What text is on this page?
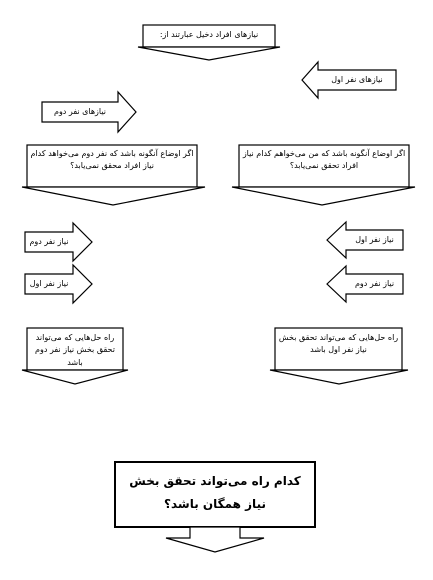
نیازهای افراد دخیل عبارتند از:
نیازهای نفر اول
نیازهای نفر دوم
اگر اوضاع آنگونه باشد که نفر دوم می‌خواهد کدام نیاز افراد محقق نمی‌یابد؟
اگر اوضاع آنگونه باشد که من می‌خواهم کدام نیاز افراد تحقق نمی‌یابد؟
نیاز نفر دوم
نیاز نفر اول
نیاز نفر اول
نیاز نفر دوم
راه حل‌هایی که می‌تواند تحقق بخش نیاز نفر دوم باشد
راه حل‌هایی که می‌تواند تحقق بخش نیاز نفر اول باشد
کدام راه می‌تواند تحقق بخش نیاز همگان باشد؟
